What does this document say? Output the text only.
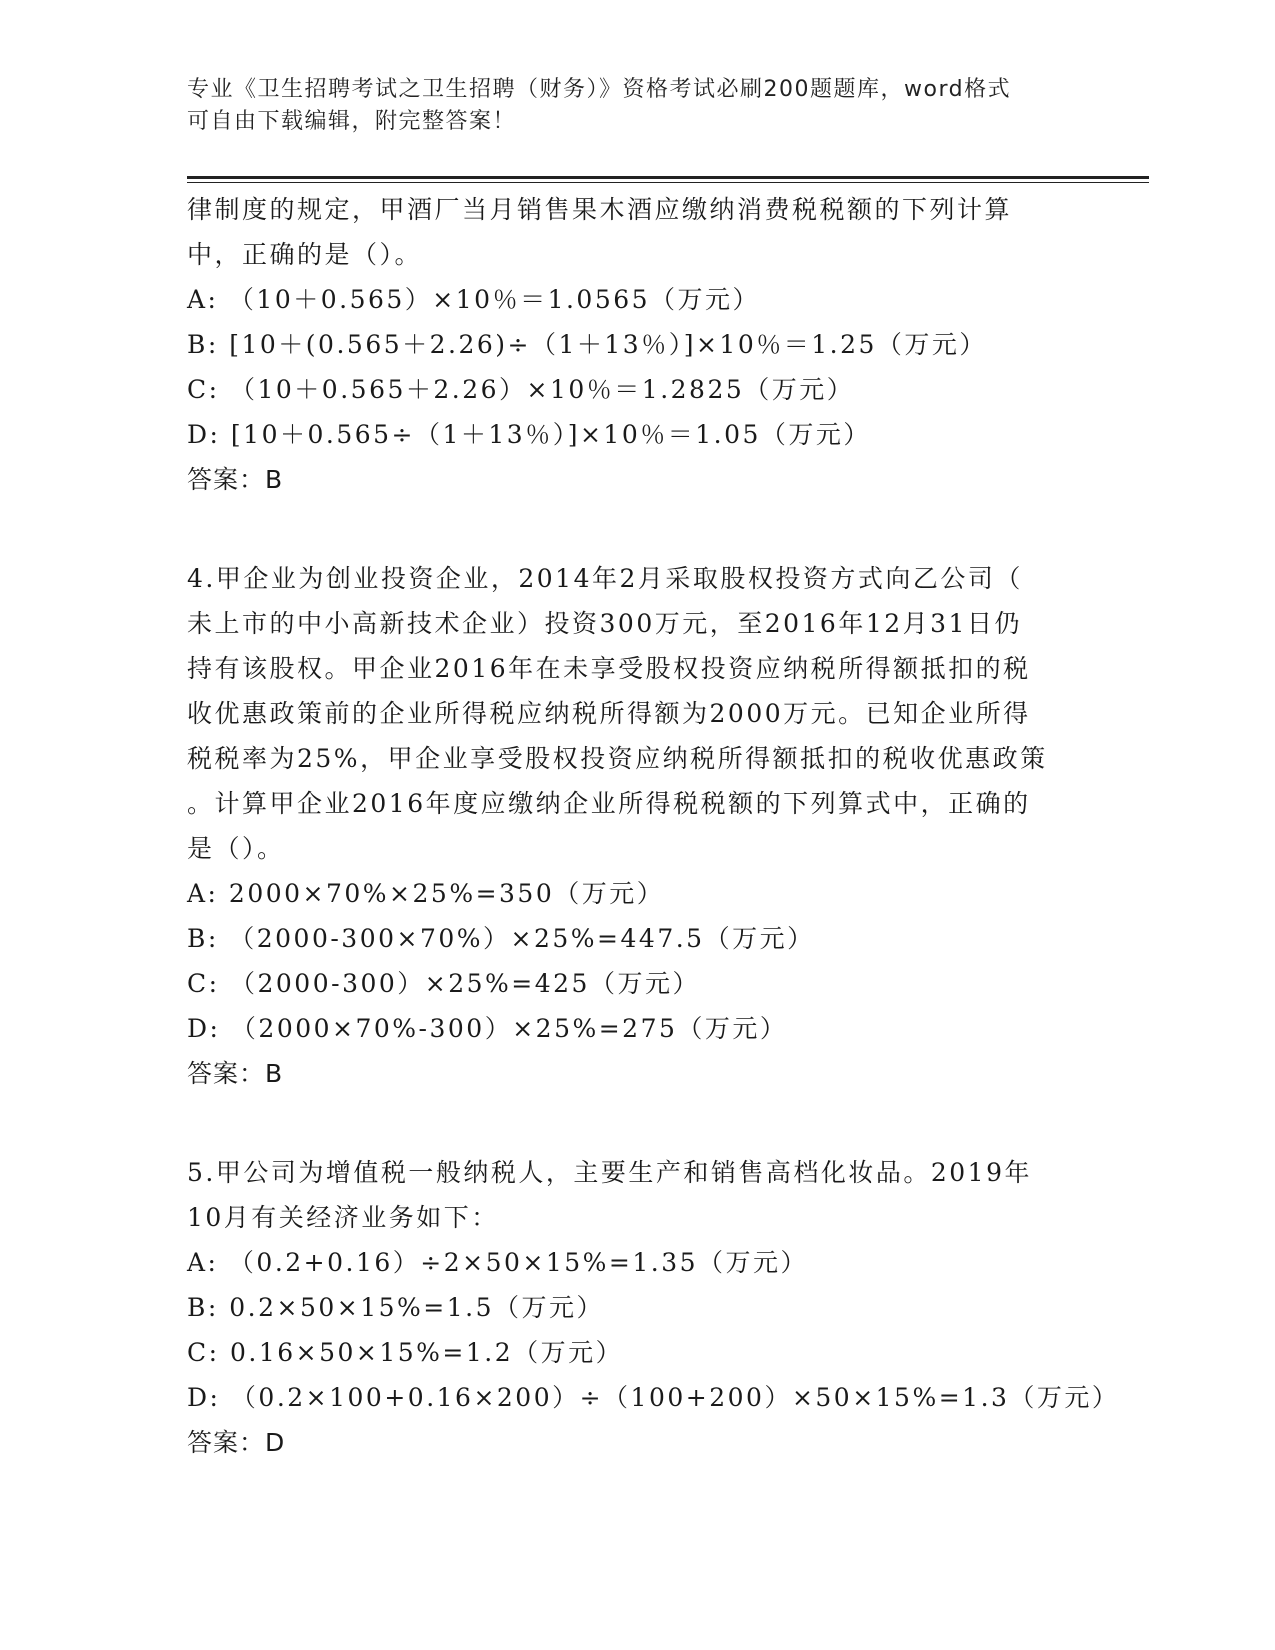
专业《卫生招聘考试之卫生招聘（财务）》资格考试必刷200题题库，word格式
可自由下载编辑，附完整答案！
律制度的规定，甲酒厂当月销售果木酒应缴纳消费税税额的下列计算
中，正确的是（）。
A: （10＋0.565）×10％＝1.0565（万元）
B: [10＋(0.565＋2.26)÷（1＋13％）]×10％＝1.25（万元）
C: （10＋0.565＋2.26）×10％＝1.2825（万元）
D: [10＋0.565÷（1＋13％）]×10％＝1.05（万元）
答案：B
4.甲企业为创业投资企业，2014年2月采取股权投资方式向乙公司（
未上市的中小高新技术企业）投资300万元，至2016年12月31日仍
持有该股权。甲企业2016年在未享受股权投资应纳税所得额抵扣的税
收优惠政策前的企业所得税应纳税所得额为2000万元。已知企业所得
税税率为25%，甲企业享受股权投资应纳税所得额抵扣的税收优惠政策
。计算甲企业2016年度应缴纳企业所得税税额的下列算式中，正确的
是（）。
A: 2000×70%×25%=350（万元）
B: （2000-300×70%）×25%=447.5（万元）
C: （2000-300）×25%=425（万元）
D: （2000×70%-300）×25%=275（万元）
答案：B
5.甲公司为增值税一般纳税人，主要生产和销售高档化妆品。2019年
10月有关经济业务如下：
A: （0.2+0.16）÷2×50×15%=1.35（万元）
B: 0.2×50×15%=1.5（万元）
C: 0.16×50×15%=1.2（万元）
D: （0.2×100+0.16×200）÷（100+200）×50×15%=1.3（万元）
答案：D
